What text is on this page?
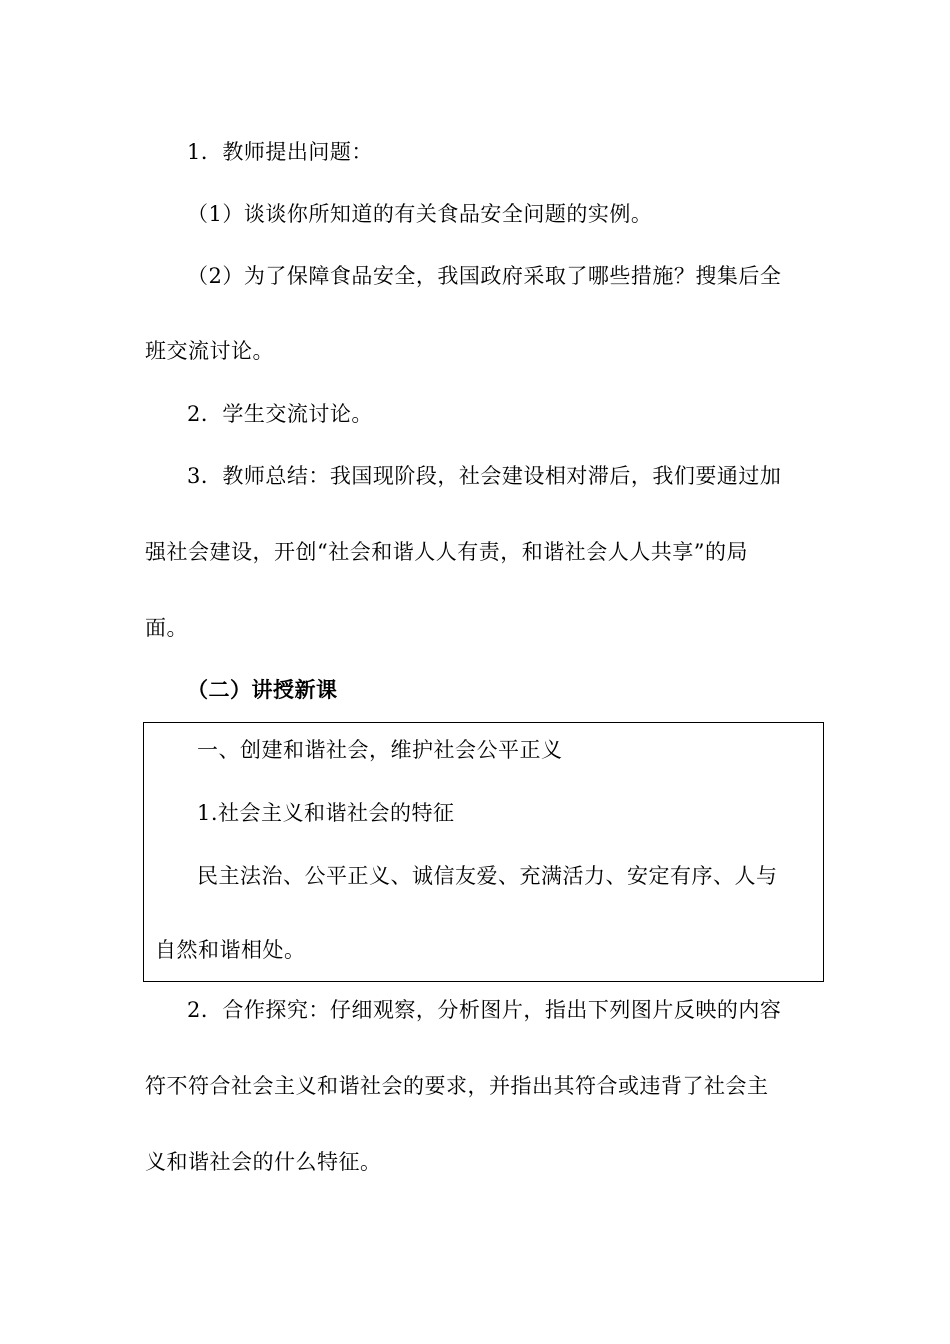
1．教师提出问题：
（1）谈谈你所知道的有关食品安全问题的实例。
（2）为了保障食品安全，我国政府采取了哪些措施？搜集后全
班交流讨论。
2．学生交流讨论。
3．教师总结：我国现阶段，社会建设相对滞后，我们要通过加
强社会建设，开创“社会和谐人人有责，和谐社会人人共享”的局
面。
（二）讲授新课
一、创建和谐社会，维护社会公平正义
1.社会主义和谐社会的特征
民主法治、公平正义、诚信友爱、充满活力、安定有序、人与
自然和谐相处。
2．合作探究：仔细观察，分析图片，指出下列图片反映的内容
符不符合社会主义和谐社会的要求，并指出其符合或违背了社会主
义和谐社会的什么特征。
